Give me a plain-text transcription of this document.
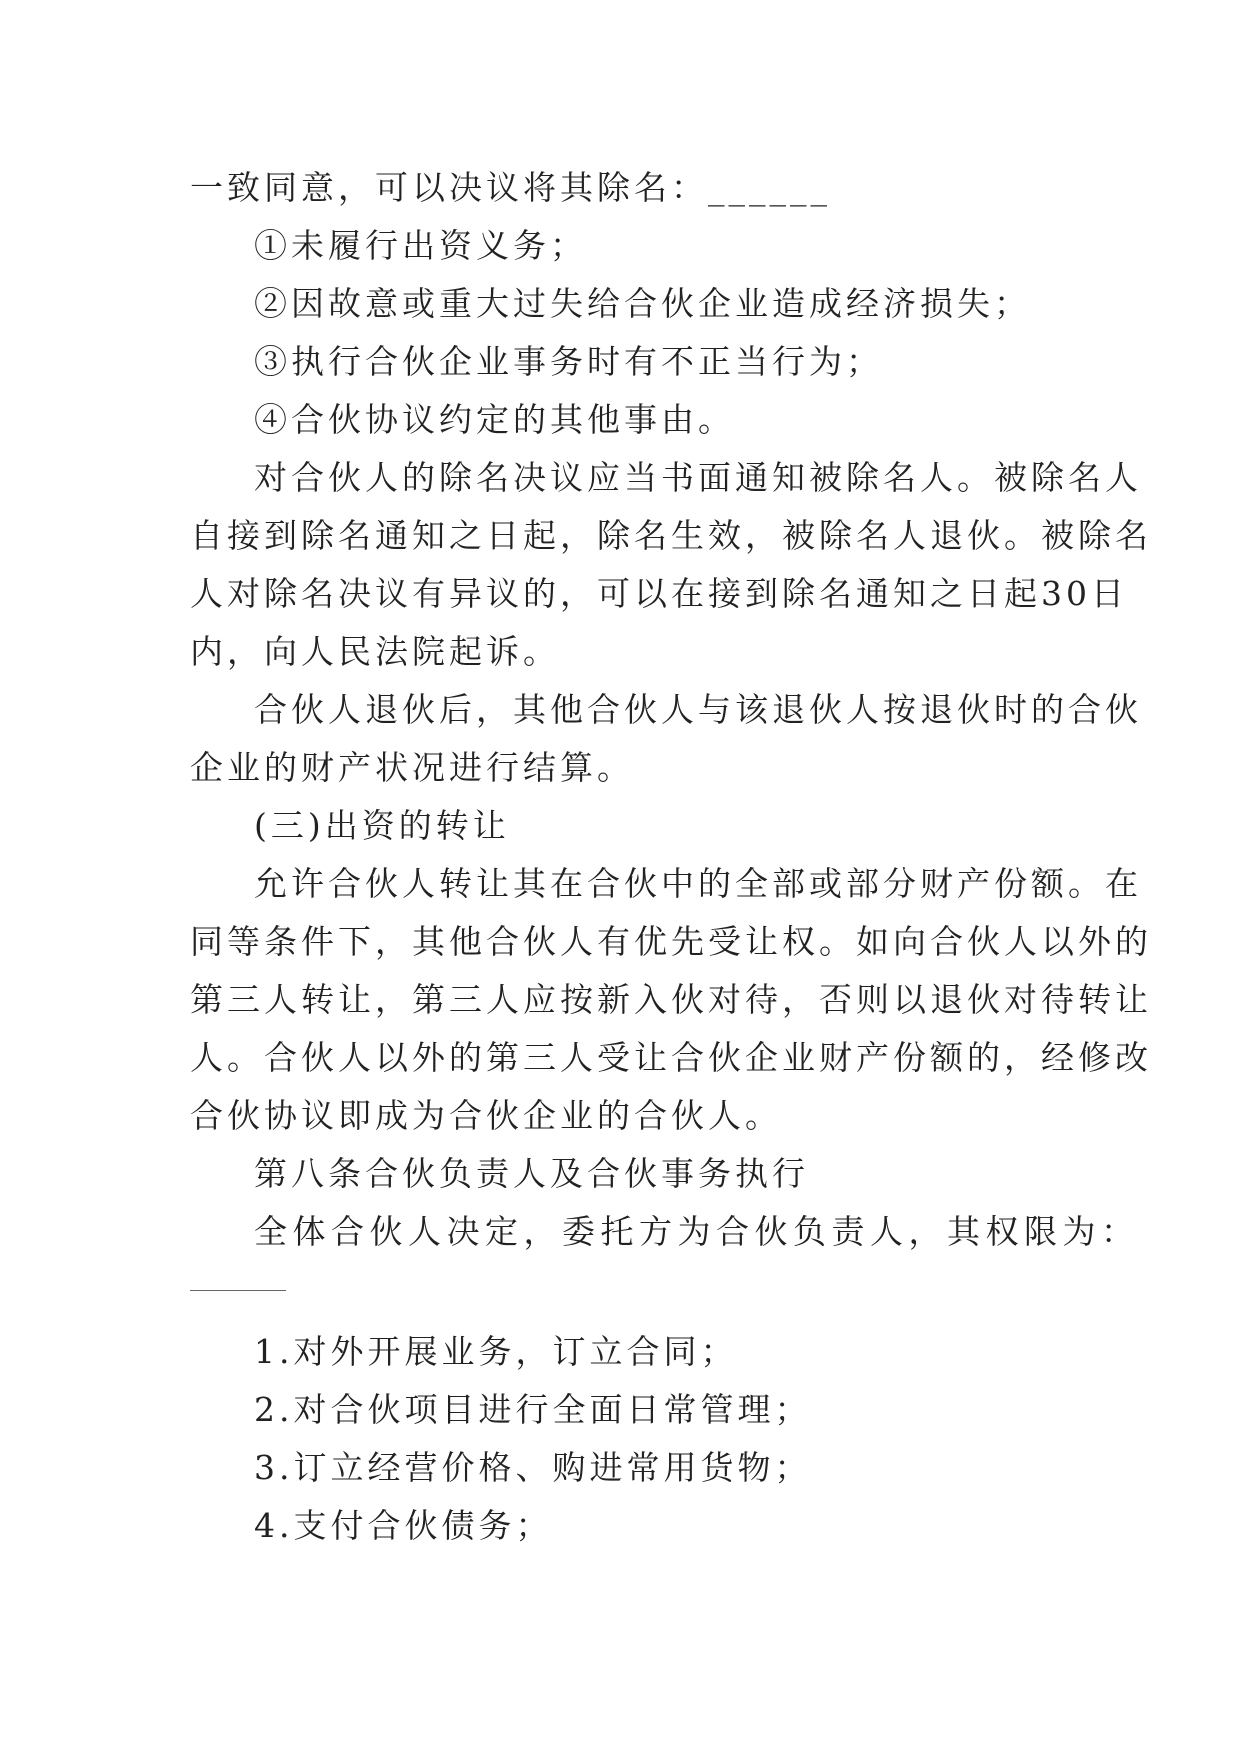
一致同意，可以决议将其除名：______
①未履行出资义务；
②因故意或重大过失给合伙企业造成经济损失；
③执行合伙企业事务时有不正当行为；
④合伙协议约定的其他事由。
对合伙人的除名决议应当书面通知被除名人。被除名人
自接到除名通知之日起，除名生效，被除名人退伙。被除名
人对除名决议有异议的，可以在接到除名通知之日起30日
内，向人民法院起诉。
合伙人退伙后，其他合伙人与该退伙人按退伙时的合伙
企业的财产状况进行结算。
(三)出资的转让
允许合伙人转让其在合伙中的全部或部分财产份额。在
同等条件下，其他合伙人有优先受让权。如向合伙人以外的
第三人转让，第三人应按新入伙对待，否则以退伙对待转让
人。合伙人以外的第三人受让合伙企业财产份额的，经修改
合伙协议即成为合伙企业的合伙人。
第八条合伙负责人及合伙事务执行
全体合伙人决定，委托方为合伙负责人，其权限为：
1.对外开展业务，订立合同；
2.对合伙项目进行全面日常管理；
3.订立经营价格、购进常用货物；
4.支付合伙债务；
